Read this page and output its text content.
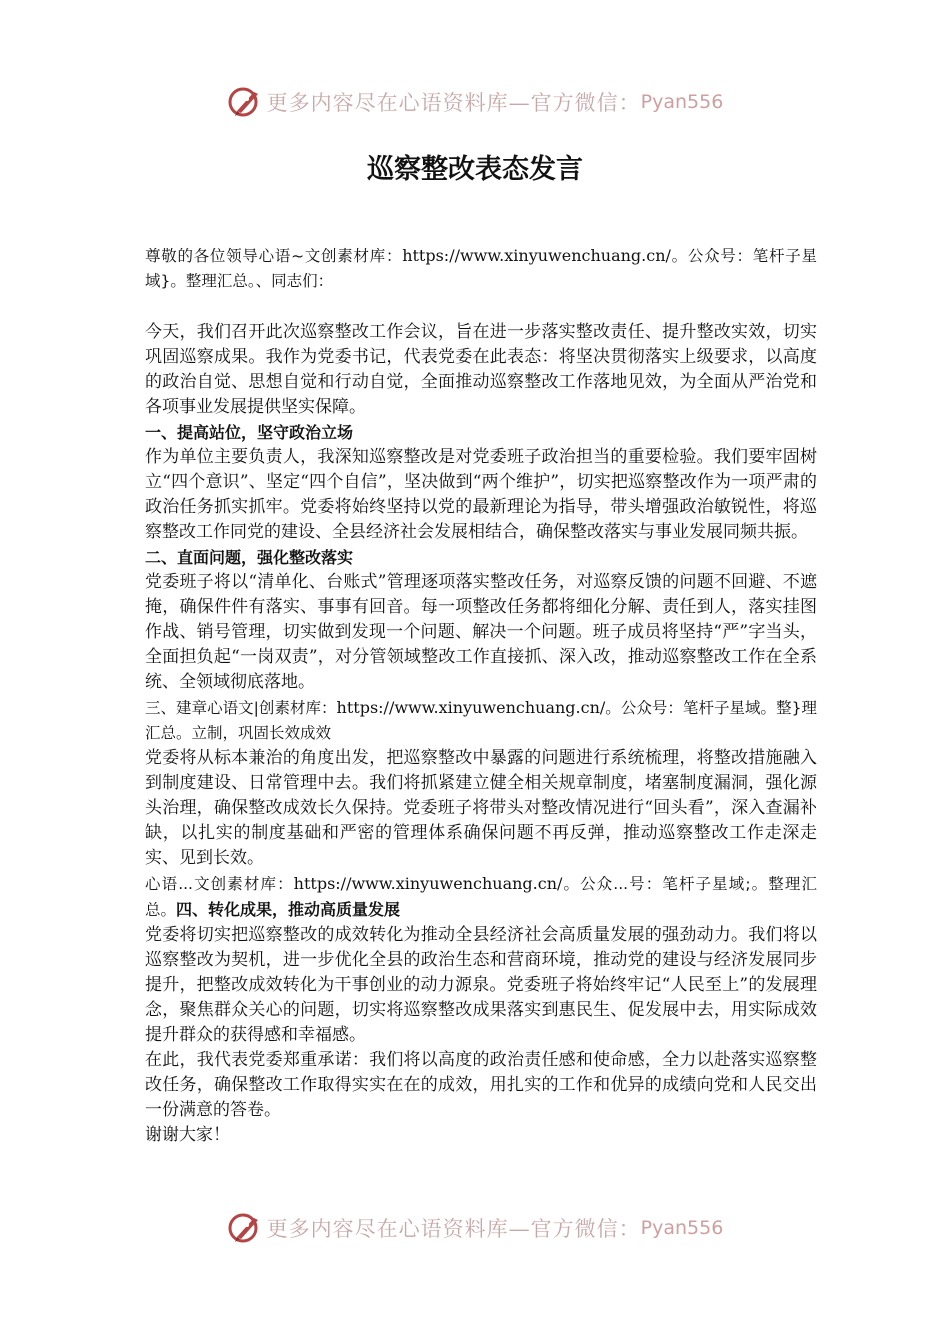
更多内容尽在心语资料库—官方微信： Pyan556
巡察整改表态发言

尊敬的各位领导心语~文创素材库：https://www.xinyuwenchuang.cn/。公众号：笔杆子星域}。整理汇总。、同志们：

今天，我们召开此次巡察整改工作会议，旨在进一步落实整改责任、提升整改实效，切实巩固巡察成果。我作为党委书记，代表党委在此表态：将坚决贯彻落实上级要求，以高度的政治自觉、思想自觉和行动自觉，全面推动巡察整改工作落地见效，为全面从严治党和各项事业发展提供坚实保障。

一、提高站位，坚守政治立场

作为单位主要负责人，我深知巡察整改是对党委班子政治担当的重要检验。我们要牢固树立“四个意识”、坚定“四个自信”，坚决做到“两个维护”，切实把巡察整改作为一项严肃的政治任务抓实抓牢。党委将始终坚持以党的最新理论为指导，带头增强政治敏锐性，将巡察整改工作同党的建设、全县经济社会发展相结合，确保整改落实与事业发展同频共振。

二、直面问题，强化整改落实

党委班子将以“清单化、台账式”管理逐项落实整改任务，对巡察反馈的问题不回避、不遮掩，确保件件有落实、事事有回音。每一项整改任务都将细化分解、责任到人，落实挂图作战、销号管理，切实做到发现一个问题、解决一个问题。班子成员将坚持“严”字当头，全面担负起“一岗双责”，对分管领域整改工作直接抓、深入改，推动巡察整改工作在全系统、全领域彻底落地。

三、建章心语文|创素材库：https://www.xinyuwenchuang.cn/。公众号：笔杆子星域。整}理汇总。立制，巩固长效成效

党委将从标本兼治的角度出发，把巡察整改中暴露的问题进行系统梳理，将整改措施融入到制度建设、日常管理中去。我们将抓紧建立健全相关规章制度，堵塞制度漏洞，强化源头治理，确保整改成效长久保持。党委班子将带头对整改情况进行“回头看”，深入查漏补缺，以扎实的制度基础和严密的管理体系确保问题不再反弹，推动巡察整改工作走深走实、见到长效。

心语...文创素材库：https://www.xinyuwenchuang.cn/。公众...号：笔杆子星域;。整理汇总。四、转化成果，推动高质量发展

党委将切实把巡察整改的成效转化为推动全县经济社会高质量发展的强劲动力。我们将以巡察整改为契机，进一步优化全县的政治生态和营商环境，推动党的建设与经济发展同步提升，把整改成效转化为干事创业的动力源泉。党委班子将始终牢记“人民至上”的发展理念，聚焦群众关心的问题，切实将巡察整改成果落实到惠民生、促发展中去，用实际成效提升群众的获得感和幸福感。

在此，我代表党委郑重承诺：我们将以高度的政治责任感和使命感，全力以赴落实巡察整改任务，确保整改工作取得实实在在的成效，用扎实的工作和优异的成绩向党和人民交出一份满意的答卷。

谢谢大家！

更多内容尽在心语资料库—官方微信： Pyan556
